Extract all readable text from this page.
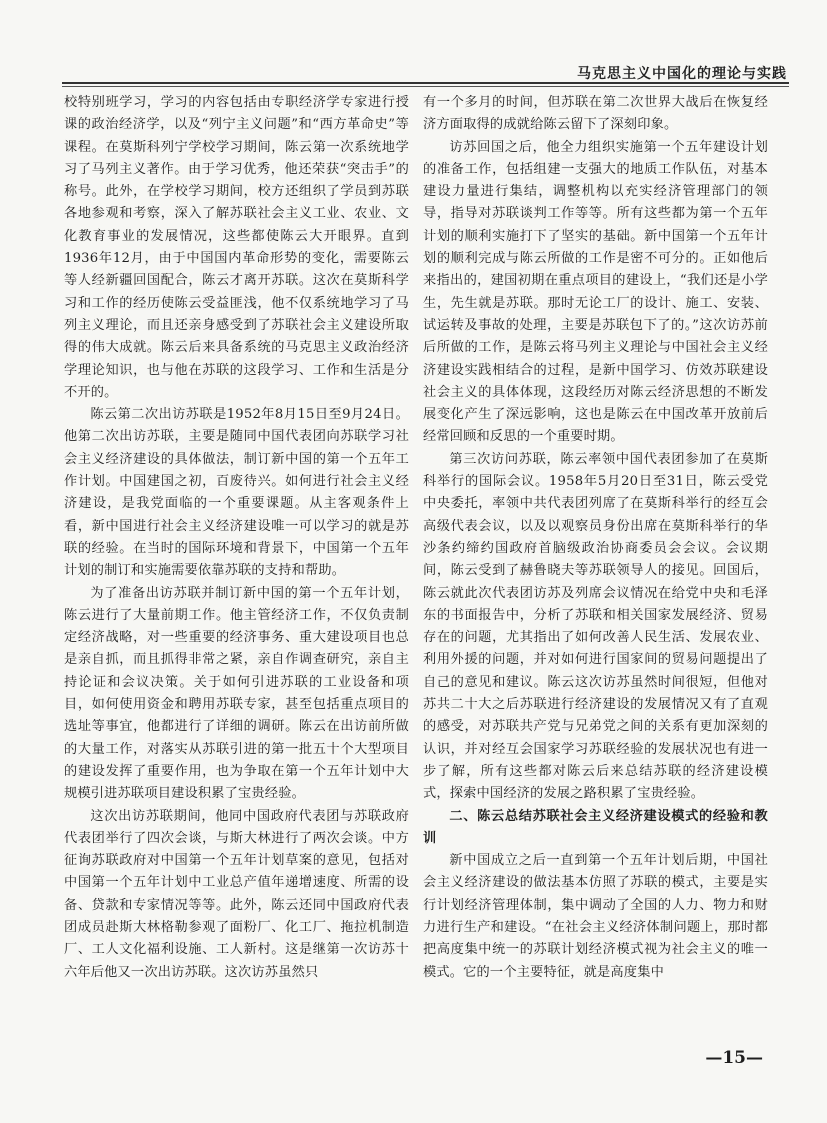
马克思主义中国化的理论与实践

校特别班学习，学习的内容包括由专职经济学专家进行授课的政治经济学，以及“列宁主义问题”和“西方革命史”等课程。在莫斯科列宁学校学习期间，陈云第一次系统地学习了马列主义著作。由于学习优秀，他还荣获“突击手”的称号。此外，在学校学习期间，校方还组织了学员到苏联各地参观和考察，深入了解苏联社会主义工业、农业、文化教育事业的发展情况，这些都使陈云大开眼界。直到1936年12月，由于中国国内革命形势的变化，需要陈云等人经新疆回国配合，陈云才离开苏联。这次在莫斯科学习和工作的经历使陈云受益匪浅，他不仅系统地学习了马列主义理论，而且还亲身感受到了苏联社会主义建设所取得的伟大成就。陈云后来具备系统的马克思主义政治经济学理论知识，也与他在苏联的这段学习、工作和生活是分不开的。

陈云第二次出访苏联是1952年8月15日至9月24日。他第二次出访苏联，主要是随同中国代表团向苏联学习社会主义经济建设的具体做法，制订新中国的第一个五年工作计划。中国建国之初，百废待兴。如何进行社会主义经济建设，是我党面临的一个重要课题。从主客观条件上看，新中国进行社会主义经济建设唯一可以学习的就是苏联的经验。在当时的国际环境和背景下，中国第一个五年计划的制订和实施需要依靠苏联的支持和帮助。

为了准备出访苏联并制订新中国的第一个五年计划，陈云进行了大量前期工作。他主管经济工作，不仅负责制定经济战略，对一些重要的经济事务、重大建设项目也总是亲自抓，而且抓得非常之紧，亲自作调查研究，亲自主持论证和会议决策。关于如何引进苏联的工业设备和项目，如何使用资金和聘用苏联专家，甚至包括重点项目的选址等事宜，他都进行了详细的调研。陈云在出访前所做的大量工作，对落实从苏联引进的第一批五十个大型项目的建设发挥了重要作用，也为争取在第一个五年计划中大规模引进苏联项目建设积累了宝贵经验。

这次出访苏联期间，他同中国政府代表团与苏联政府代表团举行了四次会谈，与斯大林进行了两次会谈。中方征询苏联政府对中国第一个五年计划草案的意见，包括对中国第一个五年计划中工业总产值年递增速度、所需的设备、贷款和专家情况等等。此外，陈云还同中国政府代表团成员赴斯大林格勒参观了面粉厂、化工厂、拖拉机制造厂、工人文化福利设施、工人新村。这是继第一次访苏十六年后他又一次出访苏联。这次访苏虽然只

有一个多月的时间，但苏联在第二次世界大战后在恢复经济方面取得的成就给陈云留下了深刻印象。

访苏回国之后，他全力组织实施第一个五年建设计划的准备工作，包括组建一支强大的地质工作队伍，对基本建设力量进行集结，调整机构以充实经济管理部门的领导，指导对苏联谈判工作等等。所有这些都为第一个五年计划的顺利实施打下了坚实的基础。新中国第一个五年计划的顺利完成与陈云所做的工作是密不可分的。正如他后来指出的，建国初期在重点项目的建设上，“我们还是小学生，先生就是苏联。那时无论工厂的设计、施工、安装、试运转及事故的处理，主要是苏联包下了的。”这次访苏前后所做的工作，是陈云将马列主义理论与中国社会主义经济建设实践相结合的过程，是新中国学习、仿效苏联建设社会主义的具体体现，这段经历对陈云经济思想的不断发展变化产生了深远影响，这也是陈云在中国改革开放前后经常回顾和反思的一个重要时期。

第三次访问苏联，陈云率领中国代表团参加了在莫斯科举行的国际会议。1958年5月20日至31日，陈云受党中央委托，率领中共代表团列席了在莫斯科举行的经互会高级代表会议，以及以观察员身份出席在莫斯科举行的华沙条约缔约国政府首脑级政治协商委员会会议。会议期间，陈云受到了赫鲁晓夫等苏联领导人的接见。回国后，陈云就此次代表团访苏及列席会议情况在给党中央和毛泽东的书面报告中，分析了苏联和相关国家发展经济、贸易存在的问题，尤其指出了如何改善人民生活、发展农业、利用外援的问题，并对如何进行国家间的贸易问题提出了自己的意见和建议。陈云这次访苏虽然时间很短，但他对苏共二十大之后苏联进行经济建设的发展情况又有了直观的感受，对苏联共产党与兄弟党之间的关系有更加深刻的认识，并对经互会国家学习苏联经验的发展状况也有进一步了解，所有这些都对陈云后来总结苏联的经济建设模式，探索中国经济的发展之路积累了宝贵经验。

二、陈云总结苏联社会主义经济建设模式的经验和教训

新中国成立之后一直到第一个五年计划后期，中国社会主义经济建设的做法基本仿照了苏联的模式，主要是实行计划经济管理体制，集中调动了全国的人力、物力和财力进行生产和建设。“在社会主义经济体制问题上，那时都把高度集中统一的苏联计划经济模式视为社会主义的唯一模式。它的一个主要特征，就是高度集中

—15—
